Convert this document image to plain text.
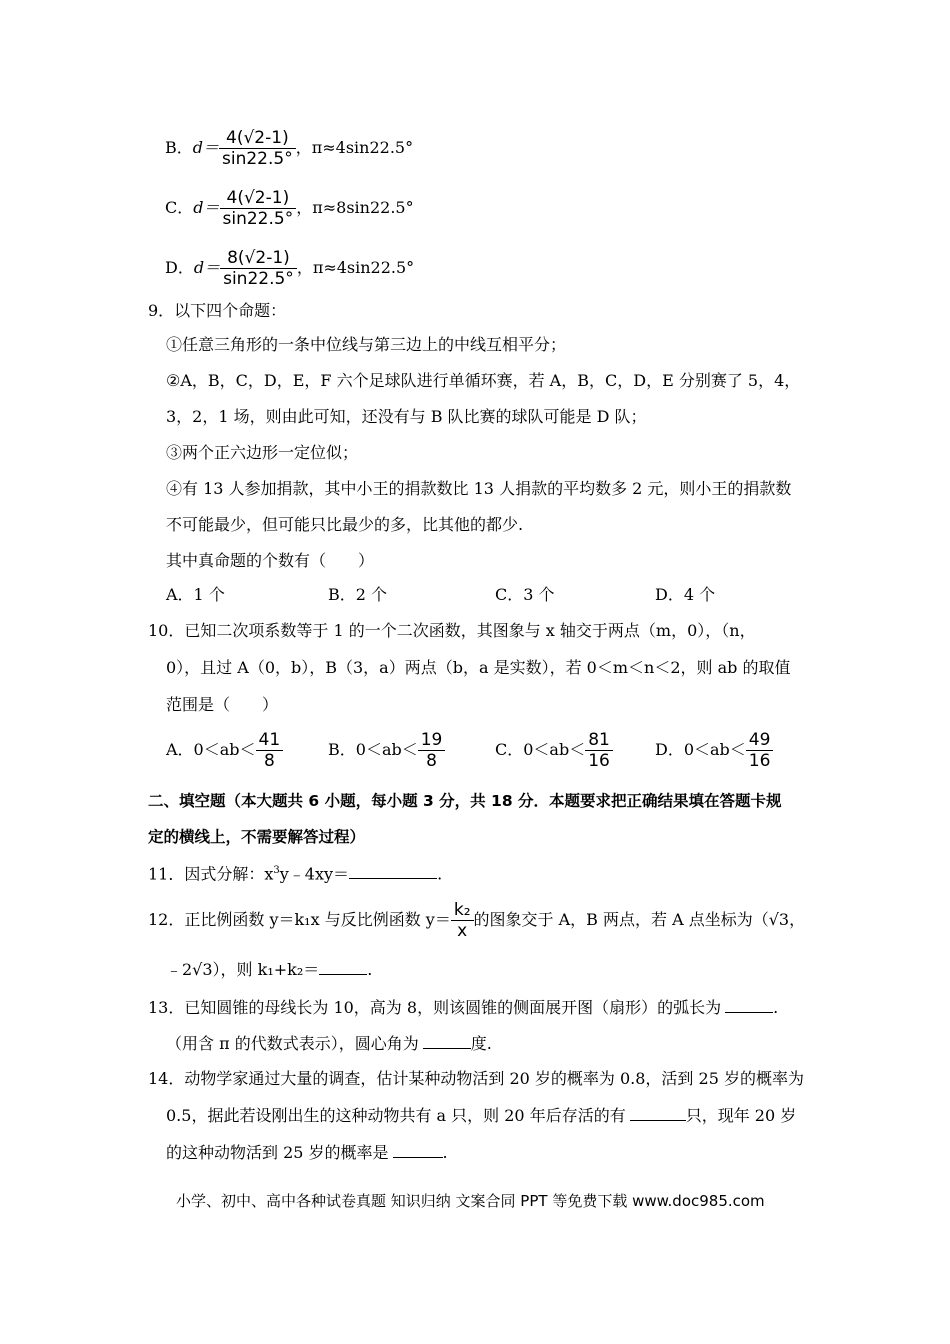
B．$d= \frac{4(√2-1)}{\sin 22.5^\circ}$ ，π≈4sin22.5°
C．$d= \frac{4(√2-1)}{\sin 22.5^\circ}$ ，π≈8sin22.5°
D．$d= \frac{8(√2-1)}{\sin 22.5^\circ}$ ，π≈4sin22.5°
9．以下四个命题：
①任意三角形的一条中位线与第三边上的中线互相平分；
②A，B，C，D，E，F 六个足球队进行单循环赛，若 A，B，C，D，E 分别赛了 5，4，
3，2，1 场，则由此可知，还没有与 B 队比赛的球队可能是 D 队；
③两个正六边形一定位似；
④有 13 人参加捐款，其中小王的捐款数比 13 人捐款的平均数多 2 元，则小王的捐款数
不可能最少，但可能只比最少的多，比其他的都少.
其中真命题的个数有（　　）
A．1 个	B．2 个	C．3 个	D．4 个
10．已知二次项系数等于 1 的一个二次函数，其图象与 x 轴交于两点（m，0），（n，
0），且过 A（0，b），B（3，a）两点（b，a 是实数），若 0＜m＜n＜2，则 ab 的取值
范围是（　　）
A．$0<ab< \frac{41}{8}$	B．$0<ab< \frac{19}{8}$	C．$0<ab< \frac{81}{16}$	D．$0<ab< \frac{49}{16}$
二、填空题（本大题共 6 小题，每小题 3 分，共 18 分．本题要求把正确结果填在答题卡规
定的横线上，不需要解答过程）
11．因式分解：$x^3y﹣4xy=$	.
12．正比例函数 y＝k₁x 与反比例函数 $y= \frac{\text{k₂}}{x}$ 的图象交于 A，B 两点，若 A 点坐标为（√3，
﹣2√3），则 k₁+k₂＝	.
13．已知圆锥的母线长为 10，高为 8，则该圆锥的侧面展开图（扇形）的弧长为	.
（用含 π 的代数式表示），圆心角为	度.
14．动物学家通过大量的调查，估计某种动物活到 20 岁的概率为 0.8，活到 25 岁的概率为
0.5，据此若设刚出生的这种动物共有 a 只，则 20 年后存活的有	只，现年 20 岁
的这种动物活到 25 岁的概率是	.
小学、初中、高中各种试卷真题 知识归纳 文案合同 PPT 等免费下载 www.doc985.com
